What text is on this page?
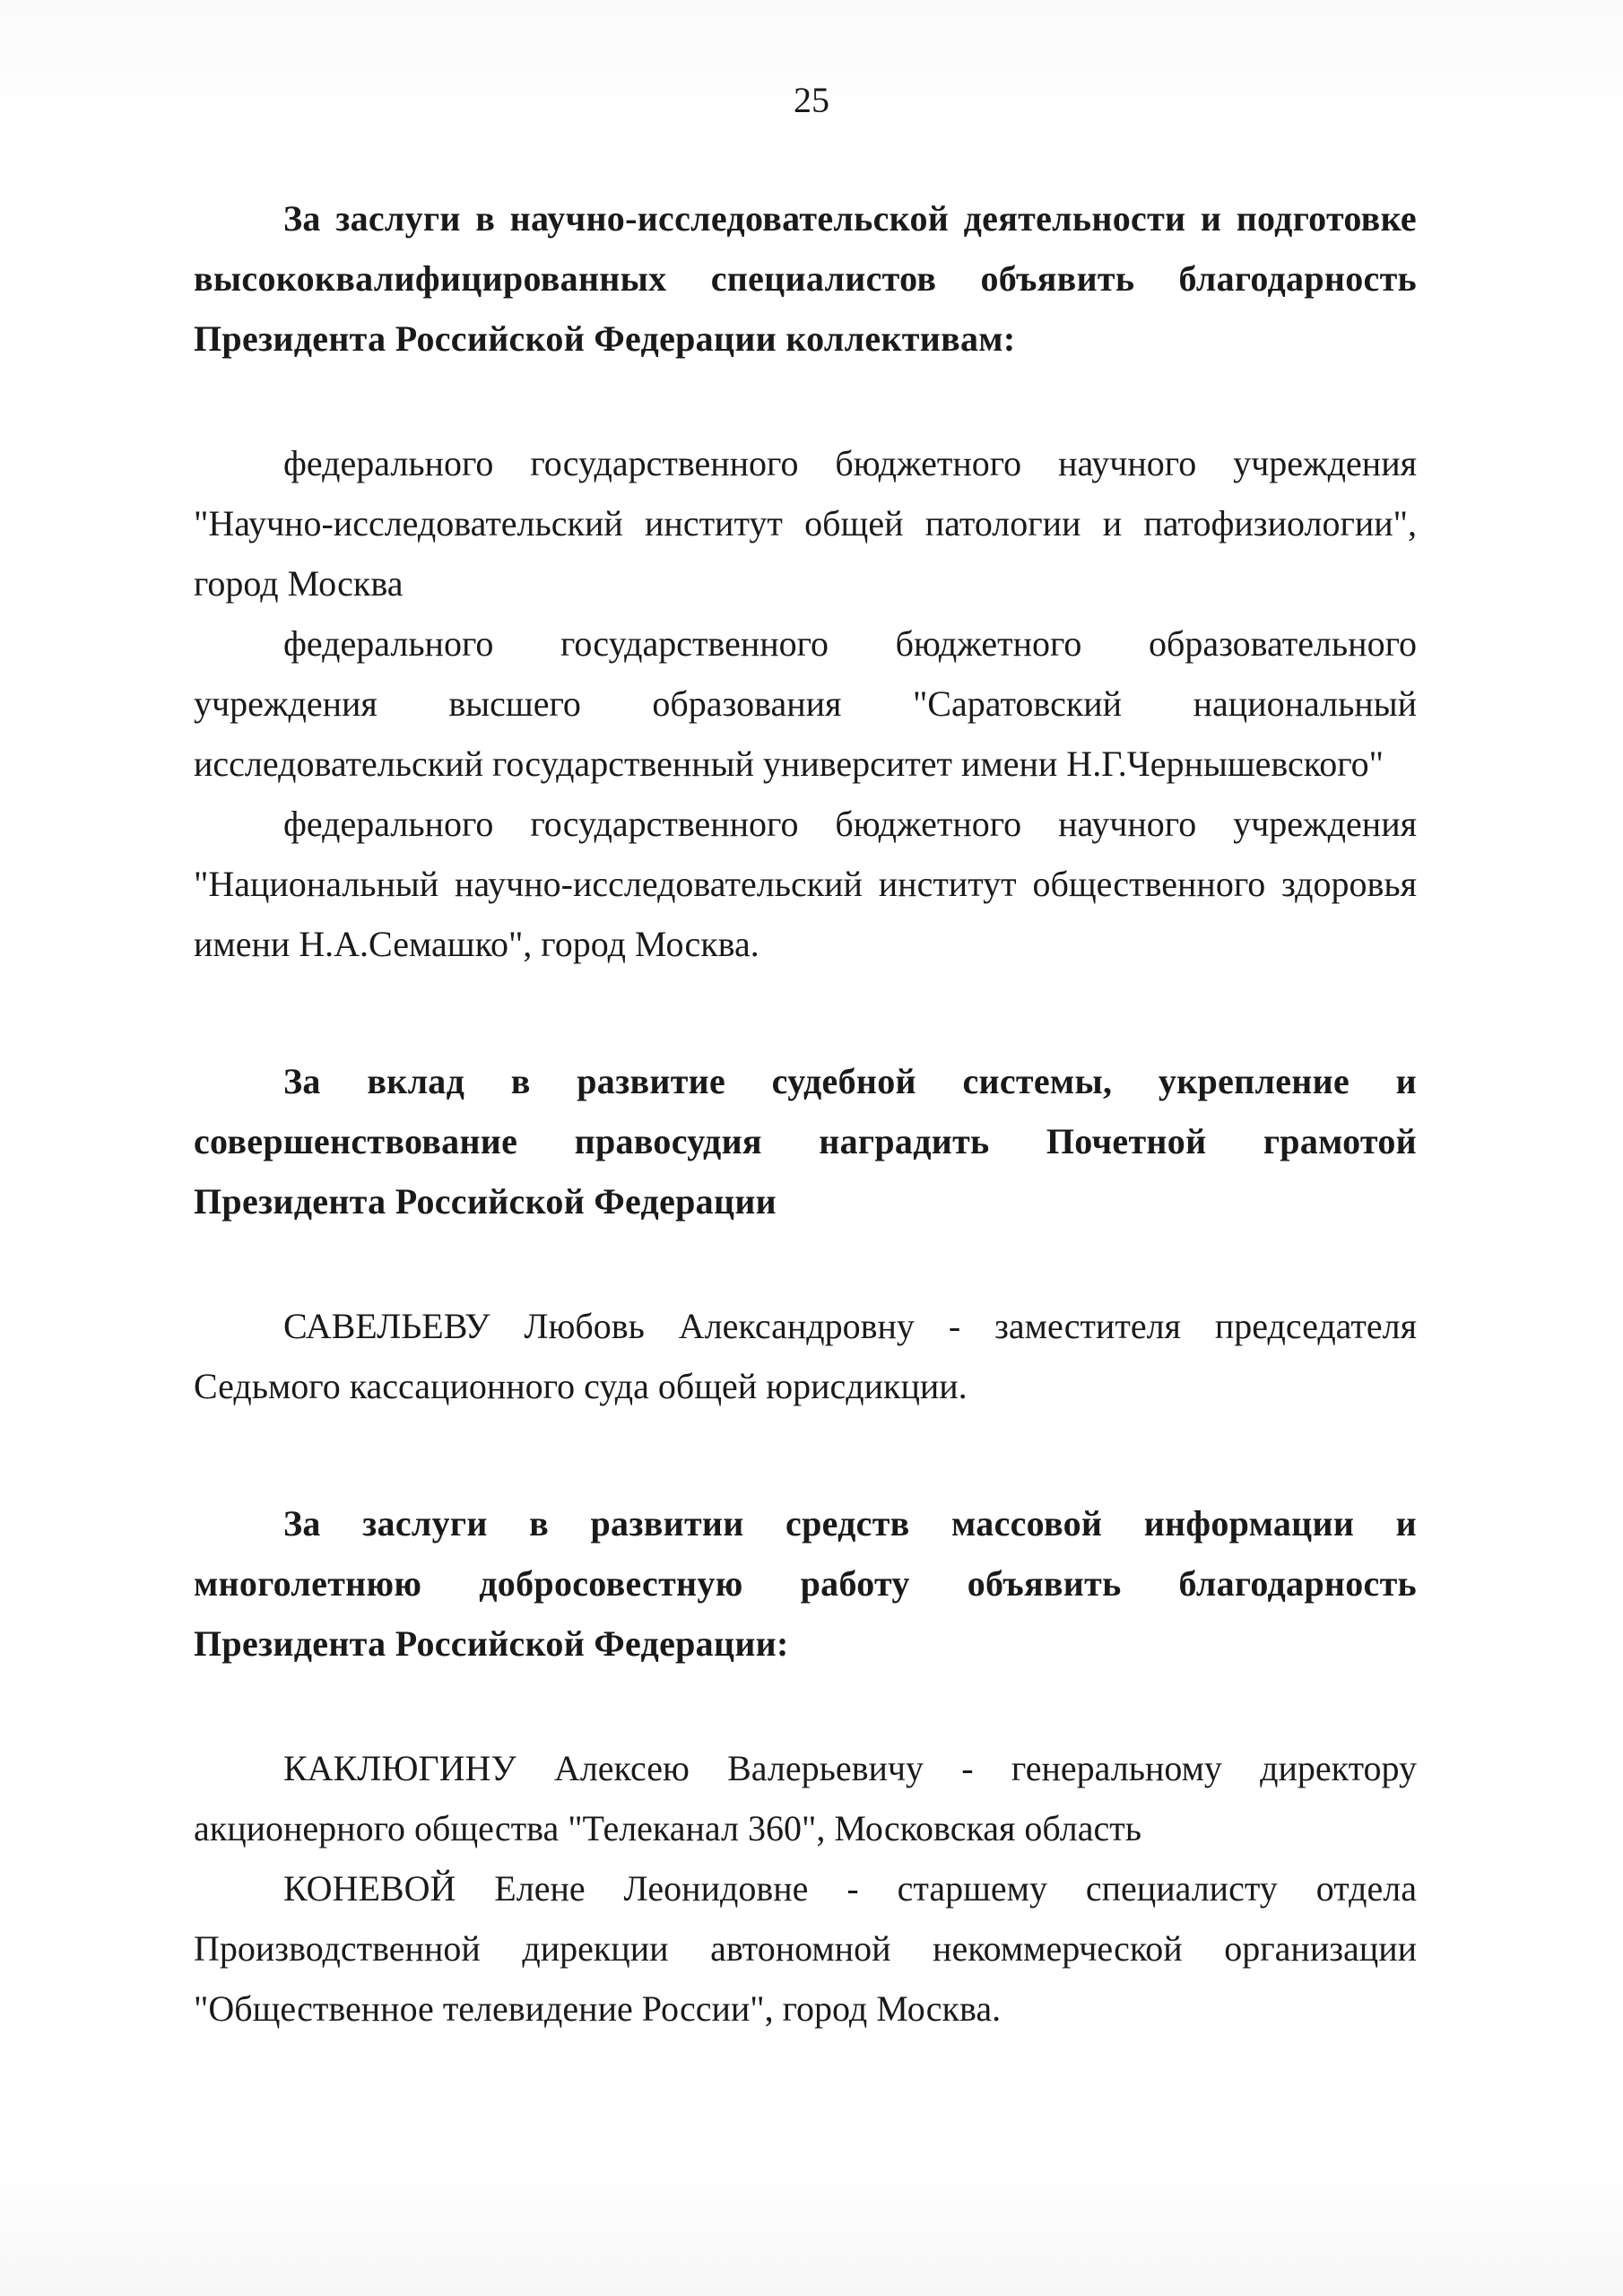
25

За заслуги в научно-исследовательской деятельности и подготовке высококвалифицированных специалистов объявить благодарность Президента Российской Федерации коллективам:

федерального государственного бюджетного научного учреждения "Научно-исследовательский институт общей патологии и патофизиологии", город Москва

федерального государственного бюджетного образовательного учреждения высшего образования "Саратовский национальный исследовательский государственный университет имени Н.Г.Чернышевского"

федерального государственного бюджетного научного учреждения "Национальный научно-исследовательский институт общественного здоровья имени Н.А.Семашко", город Москва.

За вклад в развитие судебной системы, укрепление и совершенствование правосудия наградить Почетной грамотой Президента Российской Федерации

САВЕЛЬЕВУ Любовь Александровну - заместителя председателя Седьмого кассационного суда общей юрисдикции.

За заслуги в развитии средств массовой информации и многолетнюю добросовестную работу объявить благодарность Президента Российской Федерации:

КАКЛЮГИНУ Алексею Валерьевичу - генеральному директору акционерного общества "Телеканал 360", Московская область

КОНЕВОЙ Елене Леонидовне - старшему специалисту отдела Производственной дирекции автономной некоммерческой организации "Общественное телевидение России", город Москва.
